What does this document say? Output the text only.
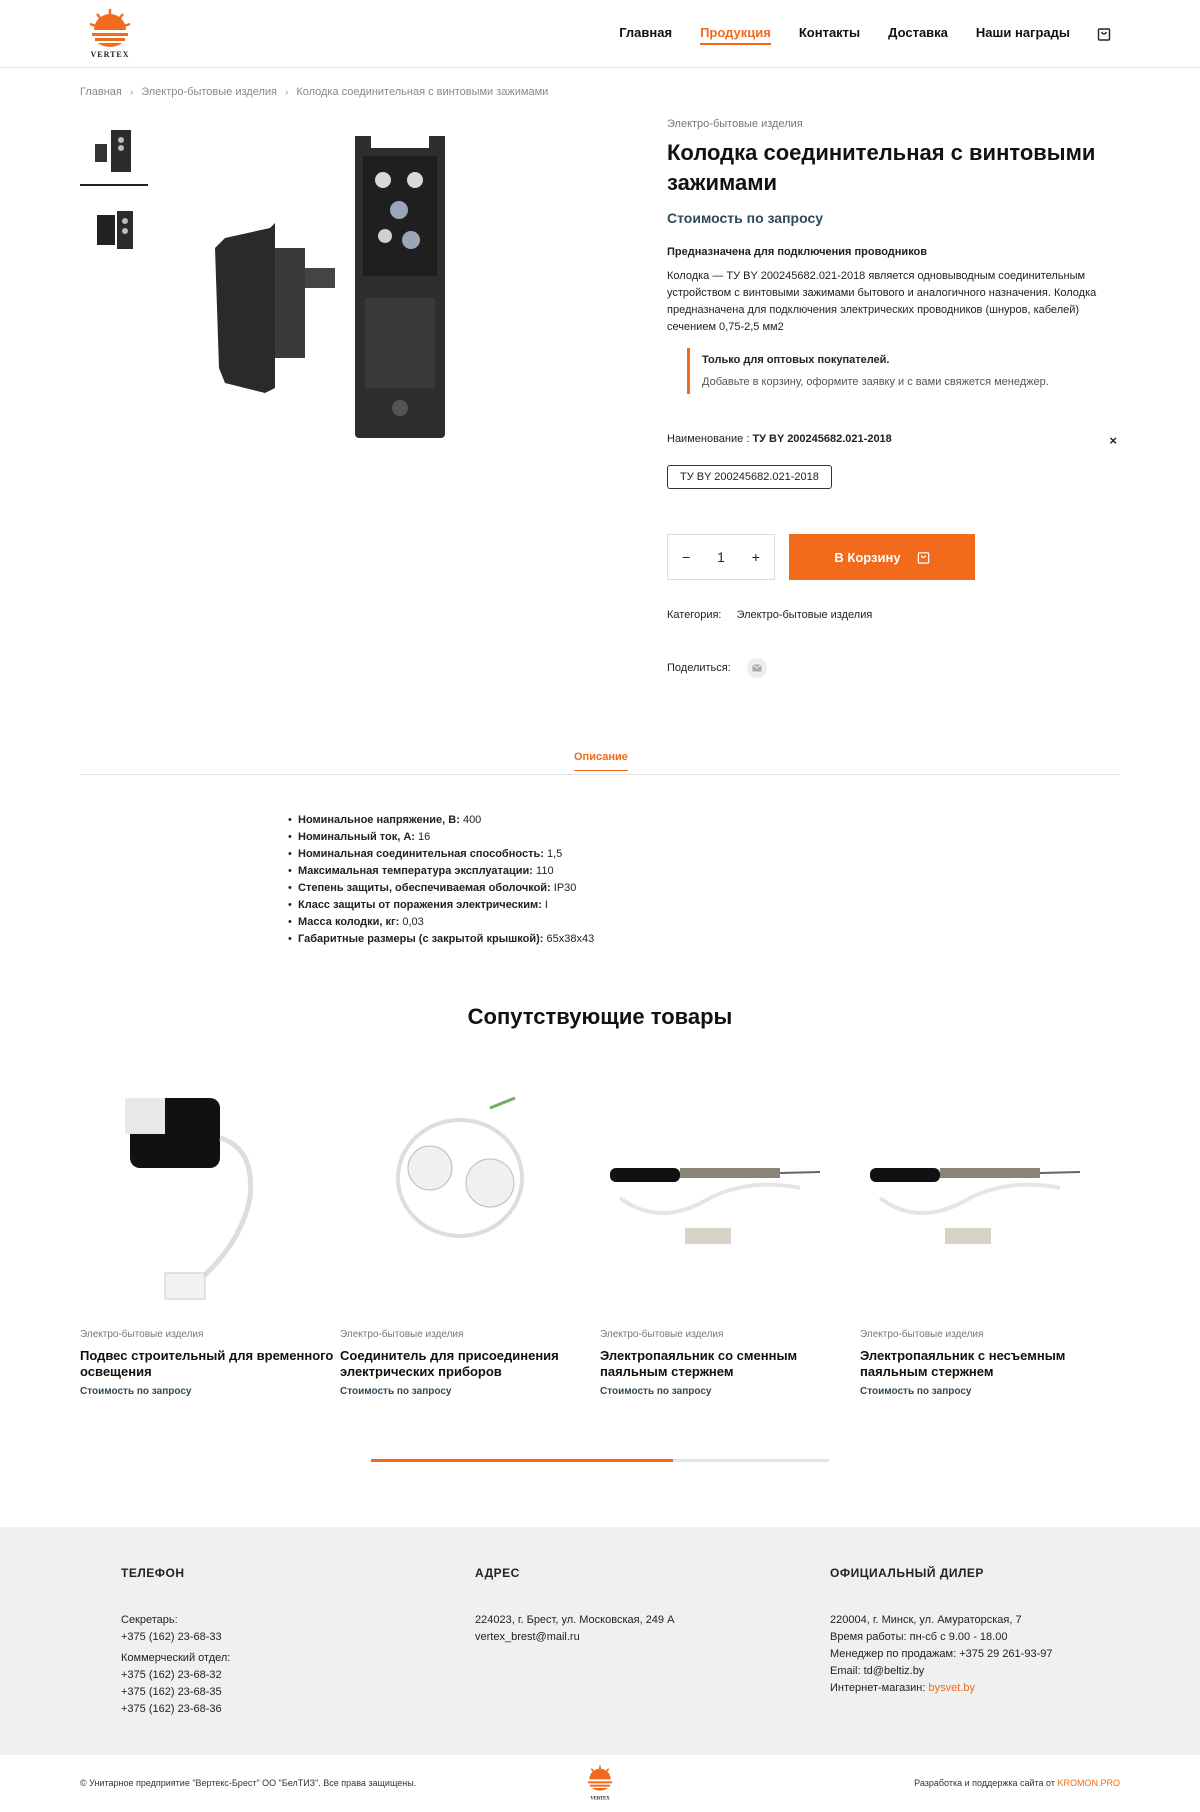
VERTEX
Главная Продукция Контакты Доставка Наши награды
Главная › Электро-бытовые изделия › Колодка соединительная с винтовыми зажимами
Электро-бытовые изделия
Колодка соединительная с винтовыми зажимами
Стоимость по запросу
Предназначена для подключения проводников
Колодка — ТУ BY 200245682.021-2018 является одновыводным соединительным устройством с винтовыми зажимами бытового и аналогичного назначения. Колодка предназначена для подключения электрических проводников (шнуров, кабелей) сечением 0,75-2,5 мм2
Только для оптовых покупателей.
Добавьте в корзину, оформите заявку и с вами свяжется менеджер.
Наименование : ТУ BY 200245682.021-2018	×
ТУ BY 200245682.021-2018
− 1 +	В Корзину
Категория: Электро-бытовые изделия
Поделиться:
Описание
• Номинальное напряжение, В: 400
• Номинальный ток, А: 16
• Номинальная соединительная способность: 1,5
• Максимальная температура эксплуатации: 110
• Степень защиты, обеспечиваемая оболочкой: IP30
• Класс защиты от поражения электрическим: I
• Масса колодки, кг: 0,03
• Габаритные размеры (с закрытой крышкой): 65х38х43
Сопутствующие товары
Электро-бытовые изделия
Подвес строительный для временного освещения
Стоимость по запросу
Электро-бытовые изделия
Соединитель для присоединения электрических приборов
Стоимость по запросу
Электро-бытовые изделия
Электропаяльник со сменным паяльным стержнем
Стоимость по запросу
Электро-бытовые изделия
Электропаяльник с несъемным паяльным стержнем
Стоимость по запросу
ТЕЛЕФОН
Секретарь:
+375 (162) 23-68-33
Коммерческий отдел:
+375 (162) 23-68-32
+375 (162) 23-68-35
+375 (162) 23-68-36
АДРЕС
224023, г. Брест, ул. Московская, 249 А
vertex_brest@mail.ru
ОФИЦИАЛЬНЫЙ ДИЛЕР
220004, г. Минск, ул. Амураторская, 7
Время работы: пн-сб с 9.00 - 18.00
Менеджер по продажам: +375 29 261-93-97
Email: td@beltiz.by
Интернет-магазин: bysvet.by
© Унитарное предприятие "Вертекс-Брест" ОО "БелТИЗ". Все права защищены.
VERTEX
Разработка и поддержка сайта от KROMON.PRO
